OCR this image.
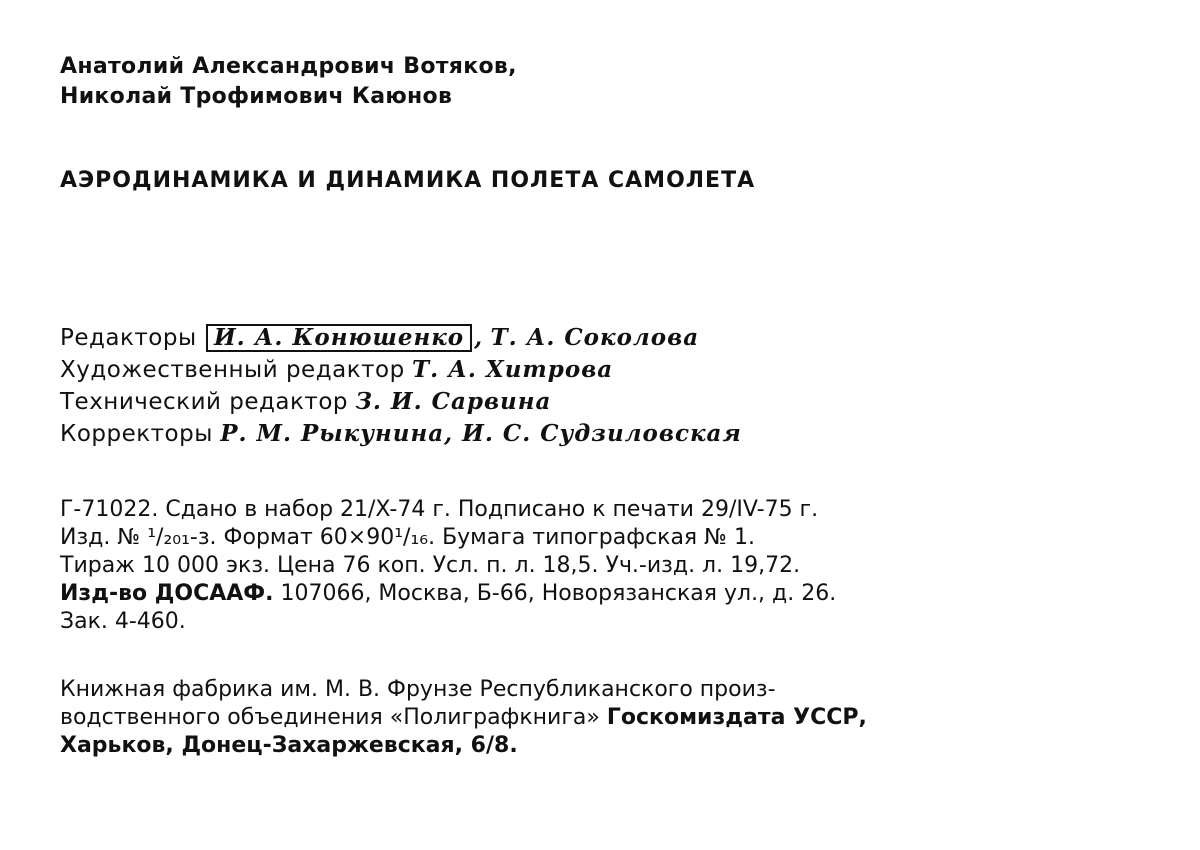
Анатолий Александрович Вотяков,
Николай Трофимович Каюнов
АЭРОДИНАМИКА И ДИНАМИКА ПОЛЕТА САМОЛЕТА
Редакторы И. А. Конюшенко , Т. А. Соколова
Художественный редактор Т. А. Хитрова
Технический редактор З. И. Сарвина
Корректоры Р. М. Рыкунина, И. С. Судзиловская

Г-71022. Сдано в набор 21/X-74 г. Подписано к печати 29/IV-75 г.

Изд. № ¹/₂₀₁-з. Формат 60×90¹/₁₆. Бумага типографская № 1.

Тираж 10 000 экз. Цена 76 коп. Усл. п. л. 18,5. Уч.-изд. л. 19,72.

Изд-во ДОСААФ. 107066, Москва, Б-66, Новорязанская ул., д. 26.

Зак. 4-460.

Книжная фабрика им. М. В. Фрунзе Республиканского произ-

водственного объединения «Полиграфкнига» Госкомиздата УССР,

Харьков, Донец-Захаржевская, 6/8.
